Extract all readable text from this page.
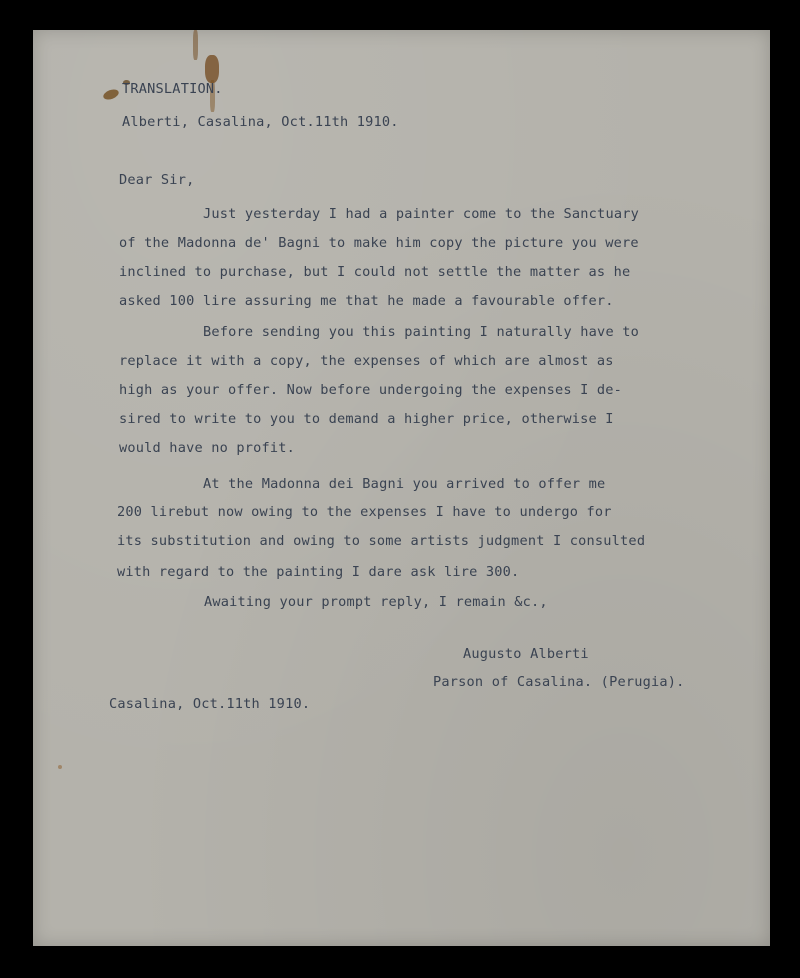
TRANSLATION.
Alberti, Casalina, Oct.11th 1910.
Dear Sir,
Just yesterday I had a painter come to the Sanctuary
of the Madonna de' Bagni to make him copy the picture you were
inclined to purchase, but I could not settle the matter as he
asked 100 lire assuring me that he made a favourable offer.
Before sending you this painting I naturally have to
replace it with a copy, the expenses of which are almost as
high as your offer. Now before undergoing the expenses I de-
sired to write to you to demand a higher price, otherwise I
would have no profit.
At the Madonna dei Bagni you arrived to offer me
200 lirebut now owing to the expenses I have to undergo for
its substitution and owing to some artists judgment I consulted
with regard to the painting I dare ask lire 300.
Awaiting your prompt reply, I remain &c.,
Augusto Alberti
Parson of Casalina. (Perugia).
Casalina, Oct.11th 1910.
